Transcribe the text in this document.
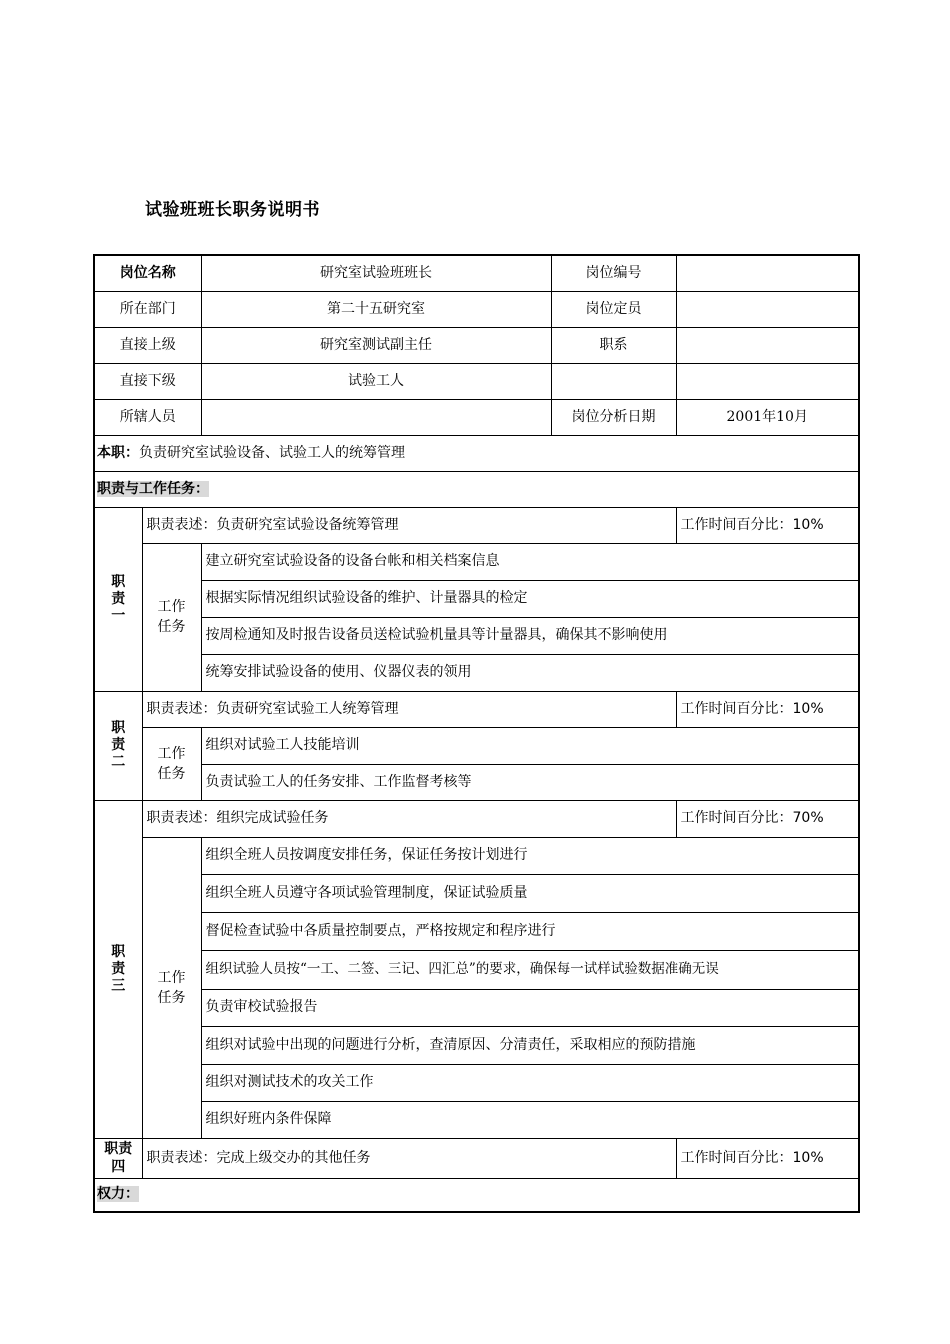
试验班班长职务说明书
岗位名称		研究室试验班班长	岗位编号	
所在部门		第二十五研究室	岗位定员	
直接上级		研究室测试副主任	职系	
直接下级		试验工人		
所辖人员			岗位分析日期	2001年10月
本职：负责研究室试验设备、试验工人的统筹管理				
职责与工作任务：				
职责一	职责表述：负责研究室试验设备统筹管理			工作时间百分比：10%
	工作任务	建立研究室试验设备的设备台帐和相关档案信息		
		根据实际情况组织试验设备的维护、计量器具的检定		
		按周检通知及时报告设备员送检试验机量具等计量器具，确保其不影响使用		
		统筹安排试验设备的使用、仪器仪表的领用		
职责二	职责表述：负责研究室试验工人统筹管理			工作时间百分比：10%
	工作任务	组织对试验工人技能培训		
		负责试验工人的任务安排、工作监督考核等		
职责三	职责表述：组织完成试验任务			工作时间百分比：70%
	工作任务	组织全班人员按调度安排任务，保证任务按计划进行		
		组织全班人员遵守各项试验管理制度，保证试验质量		
		督促检查试验中各质量控制要点，严格按规定和程序进行		
		组织试验人员按“一工、二签、三记、四汇总”的要求，确保每一试样试验数据准确无误		
		负责审校试验报告		
		组织对试验中出现的问题进行分析，查清原因、分清责任，采取相应的预防措施		
		组织对测试技术的攻关工作		
		组织好班内条件保障		
职责四	职责表述：完成上级交办的其他任务			工作时间百分比：10%
权力：				
